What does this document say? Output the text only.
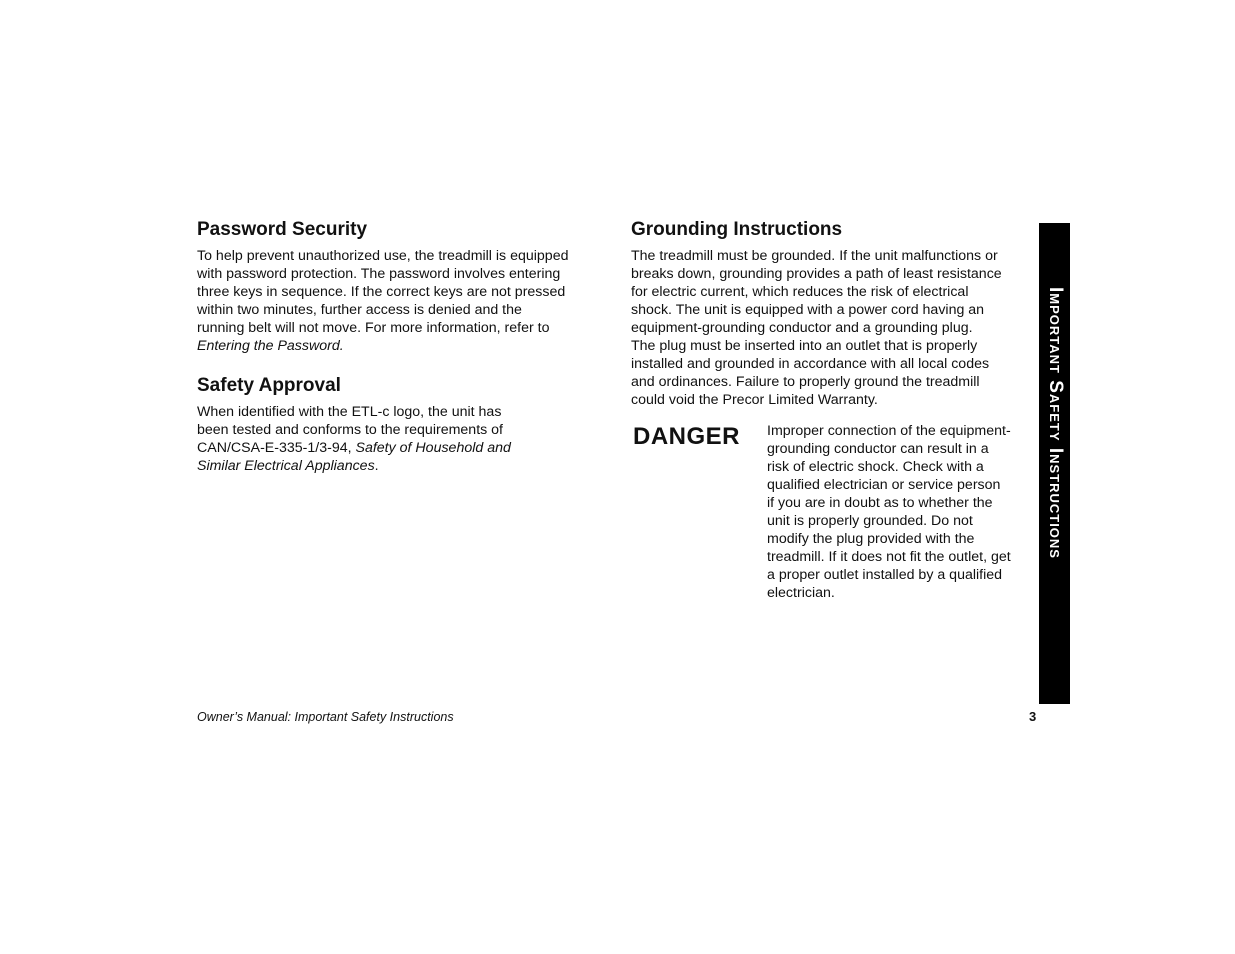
Password Security

To help prevent unauthorized use, the treadmill is equipped
with password protection. The password involves entering
three keys in sequence. If the correct keys are not pressed
within two minutes, further access is denied and the
running belt will not move. For more information, refer to
Entering the Password.

Safety Approval

When identified with the ETL-c logo, the unit has
been tested and conforms to the requirements of
CAN/CSA-E-335-1/3-94, Safety of Household and
Similar Electrical Appliances.

Grounding Instructions

The treadmill must be grounded. If the unit malfunctions or
breaks down, grounding provides a path of least resistance
for electric current, which reduces the risk of electrical
shock. The unit is equipped with a power cord having an
equipment-grounding conductor and a grounding plug.
The plug must be inserted into an outlet that is properly
installed and grounded in accordance with all local codes
and ordinances. Failure to properly ground the treadmill
could void the Precor Limited Warranty.

DANGER Improper connection of the equipment-
grounding conductor can result in a
risk of electric shock. Check with a
qualified electrician or service person
if you are in doubt as to whether the
unit is properly grounded. Do not
modify the plug provided with the
treadmill. If it does not fit the outlet, get
a proper outlet installed by a qualified
electrician.

Important Safety Instructions
Owner’s Manual: Important Safety Instructions	3
